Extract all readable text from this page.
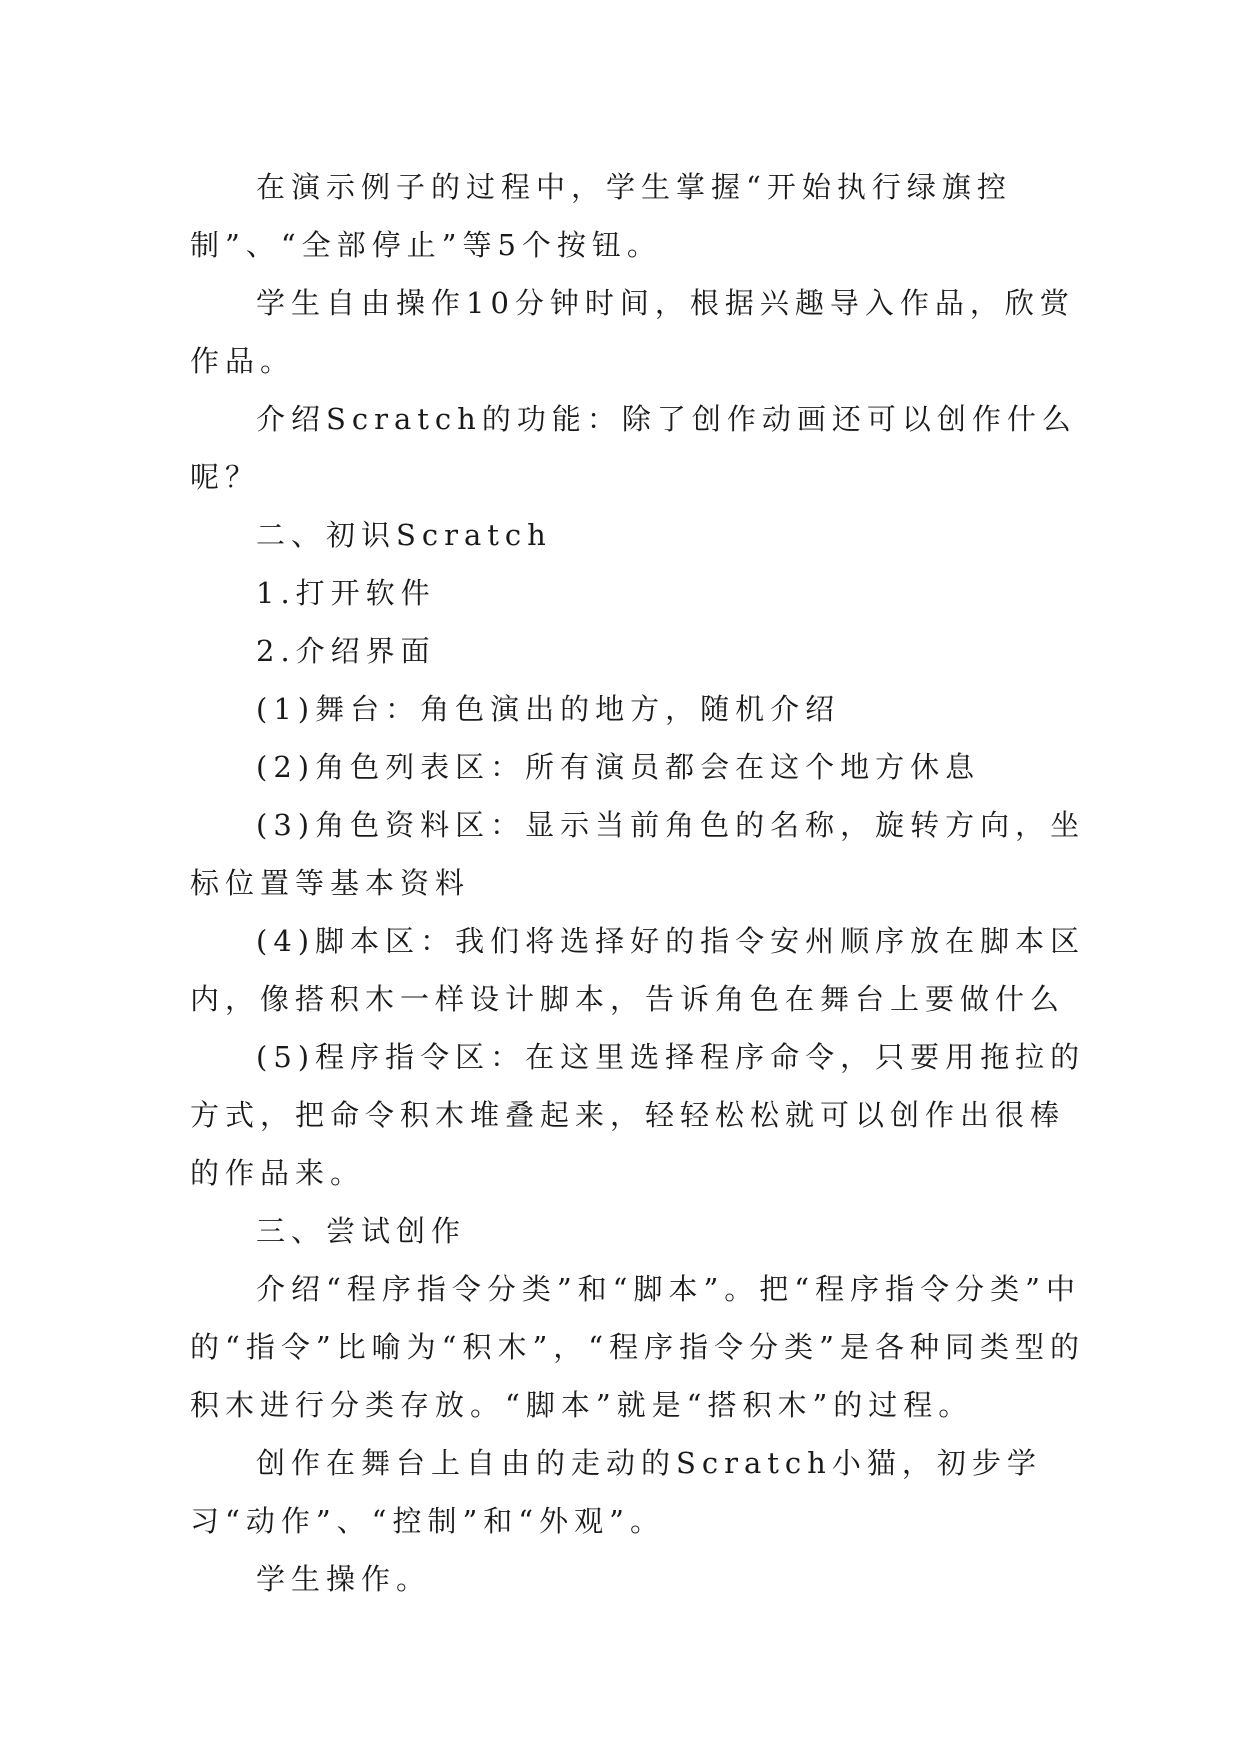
在演示例子的过程中，学生掌握“开始执行绿旗控制”、“全部停止”等5个按钮。

学生自由操作10分钟时间，根据兴趣导入作品，欣赏作品。

介绍Scratch的功能：除了创作动画还可以创作什么呢？

二、初识Scratch

1.打开软件

2.介绍界面

(1)舞台：角色演出的地方，随机介绍

(2)角色列表区：所有演员都会在这个地方休息

(3)角色资料区：显示当前角色的名称，旋转方向，坐标位置等基本资料

(4)脚本区：我们将选择好的指令安州顺序放在脚本区内，像搭积木一样设计脚本，告诉角色在舞台上要做什么

(5)程序指令区：在这里选择程序命令，只要用拖拉的方式，把命令积木堆叠起来，轻轻松松就可以创作出很棒的作品来。

三、尝试创作

介绍“程序指令分类”和“脚本”。把“程序指令分类”中的“指令”比喻为“积木”，“程序指令分类”是各种同类型的积木进行分类存放。“脚本”就是“搭积木”的过程。

创作在舞台上自由的走动的Scratch小猫，初步学习“动作”、“控制”和“外观”。

学生操作。
